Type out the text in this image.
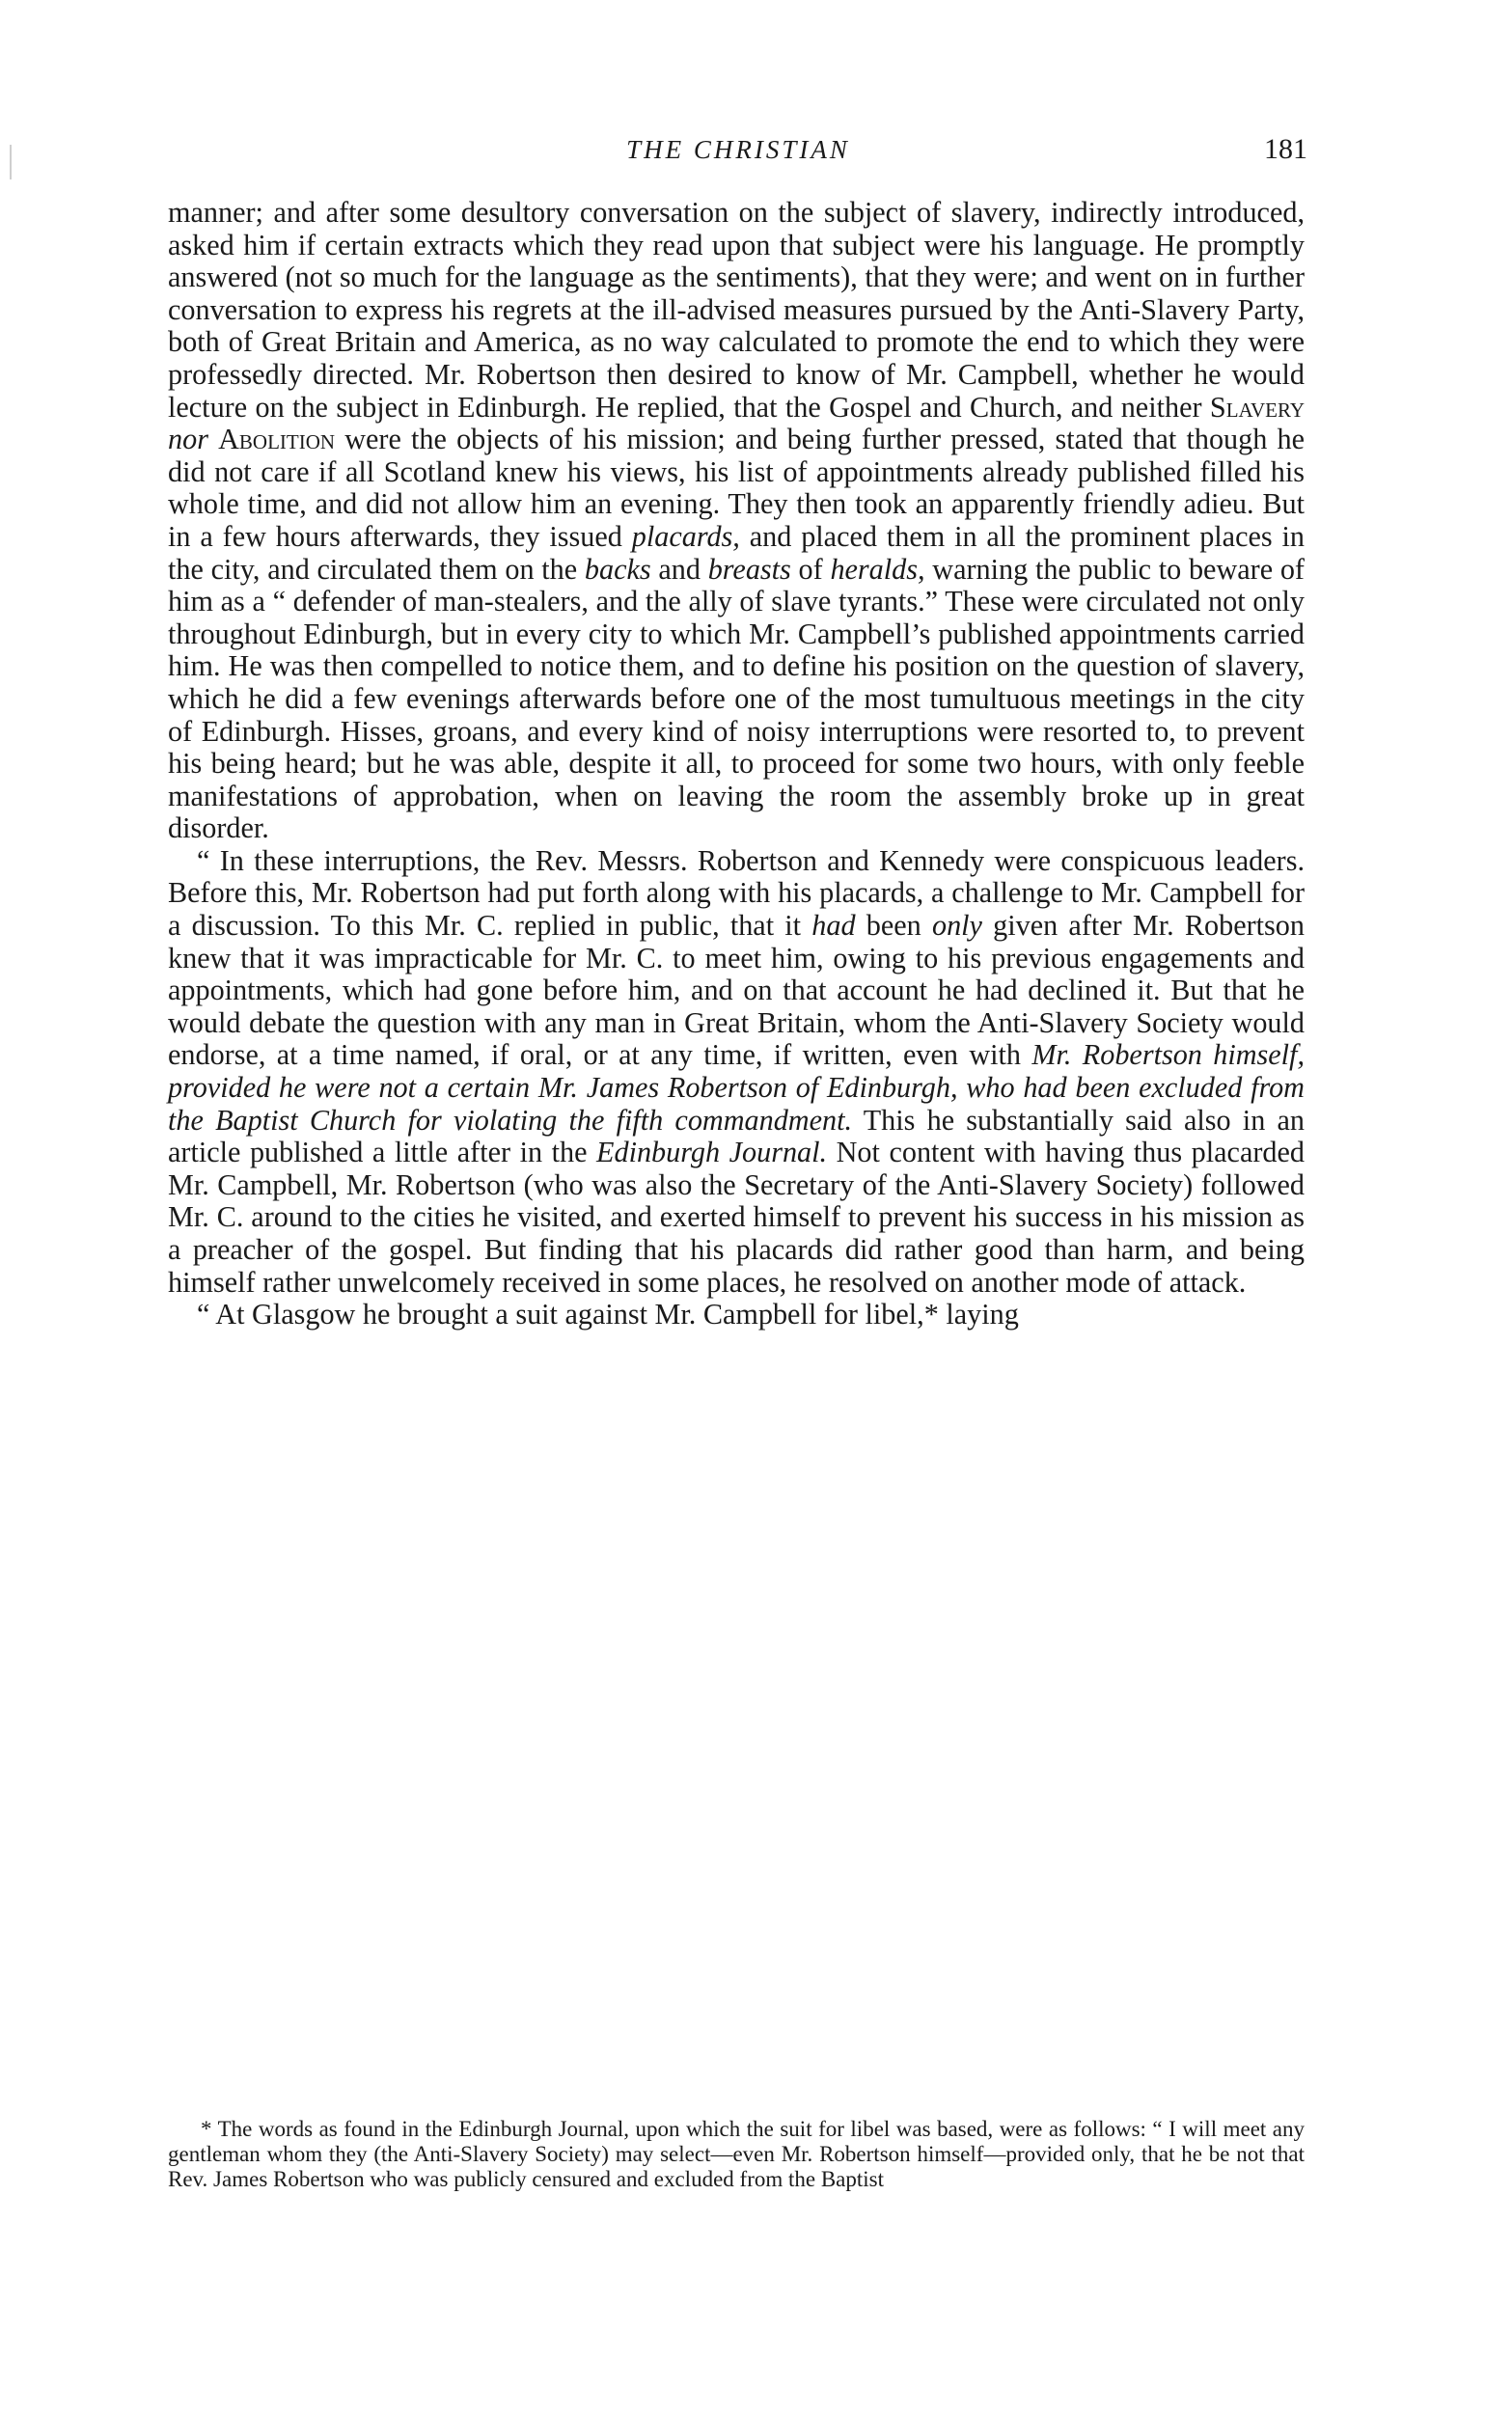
THE CHRISTIAN	181

manner; and after some desultory conversation on the subject of slavery, indirectly introduced, asked him if certain extracts which they read upon that subject were his language. He promptly answered (not so much for the language as the sentiments), that they were; and went on in further conversation to express his regrets at the ill-advised measures pursued by the Anti-Slavery Party, both of Great Britain and America, as no way calculated to promote the end to which they were professedly directed. Mr. Robertson then desired to know of Mr. Campbell, whether he would lecture on the subject in Edinburgh. He replied, that the Gospel and Church, and neither Slavery nor Abolition were the objects of his mission; and being further pressed, stated that though he did not care if all Scotland knew his views, his list of appointments already published filled his whole time, and did not allow him an evening. They then took an apparently friendly adieu. But in a few hours afterwards, they issued placards, and placed them in all the prominent places in the city, and circulated them on the backs and breasts of heralds, warning the public to beware of him as a “ defender of man-stealers, and the ally of slave tyrants.” These were circulated not only throughout Edinburgh, but in every city to which Mr. Campbell’s published appointments carried him. He was then compelled to notice them, and to define his position on the question of slavery, which he did a few evenings afterwards before one of the most tumultuous meetings in the city of Edinburgh. Hisses, groans, and every kind of noisy interruptions were resorted to, to prevent his being heard; but he was able, despite it all, to proceed for some two hours, with only feeble manifestations of approbation, when on leaving the room the assembly broke up in great disorder.

“ In these interruptions, the Rev. Messrs. Robertson and Kennedy were conspicuous leaders. Before this, Mr. Robertson had put forth along with his placards, a challenge to Mr. Campbell for a discussion. To this Mr. C. replied in public, that it had been only given after Mr. Robertson knew that it was impracticable for Mr. C. to meet him, owing to his previous engagements and appointments, which had gone before him, and on that account he had declined it. But that he would debate the question with any man in Great Britain, whom the Anti-Slavery Society would endorse, at a time named, if oral, or at any time, if written, even with Mr. Robertson himself, provided he were not a certain Mr. James Robertson of Edinburgh, who had been excluded from the Baptist Church for violating the fifth commandment. This he substantially said also in an article published a little after in the Edinburgh Journal. Not content with having thus placarded Mr. Campbell, Mr. Robertson (who was also the Secretary of the Anti-Slavery Society) followed Mr. C. around to the cities he visited, and exerted himself to prevent his success in his mission as a preacher of the gospel. But finding that his placards did rather good than harm, and being himself rather unwelcomely received in some places, he resolved on another mode of attack.

“ At Glasgow he brought a suit against Mr. Campbell for libel,* laying

* The words as found in the Edinburgh Journal, upon which the suit for libel was based, were as follows: “ I will meet any gentleman whom they (the Anti-Slavery Society) may select—even Mr. Robertson himself—provided only, that he be not that Rev. James Robertson who was publicly censured and excluded from the Baptist
